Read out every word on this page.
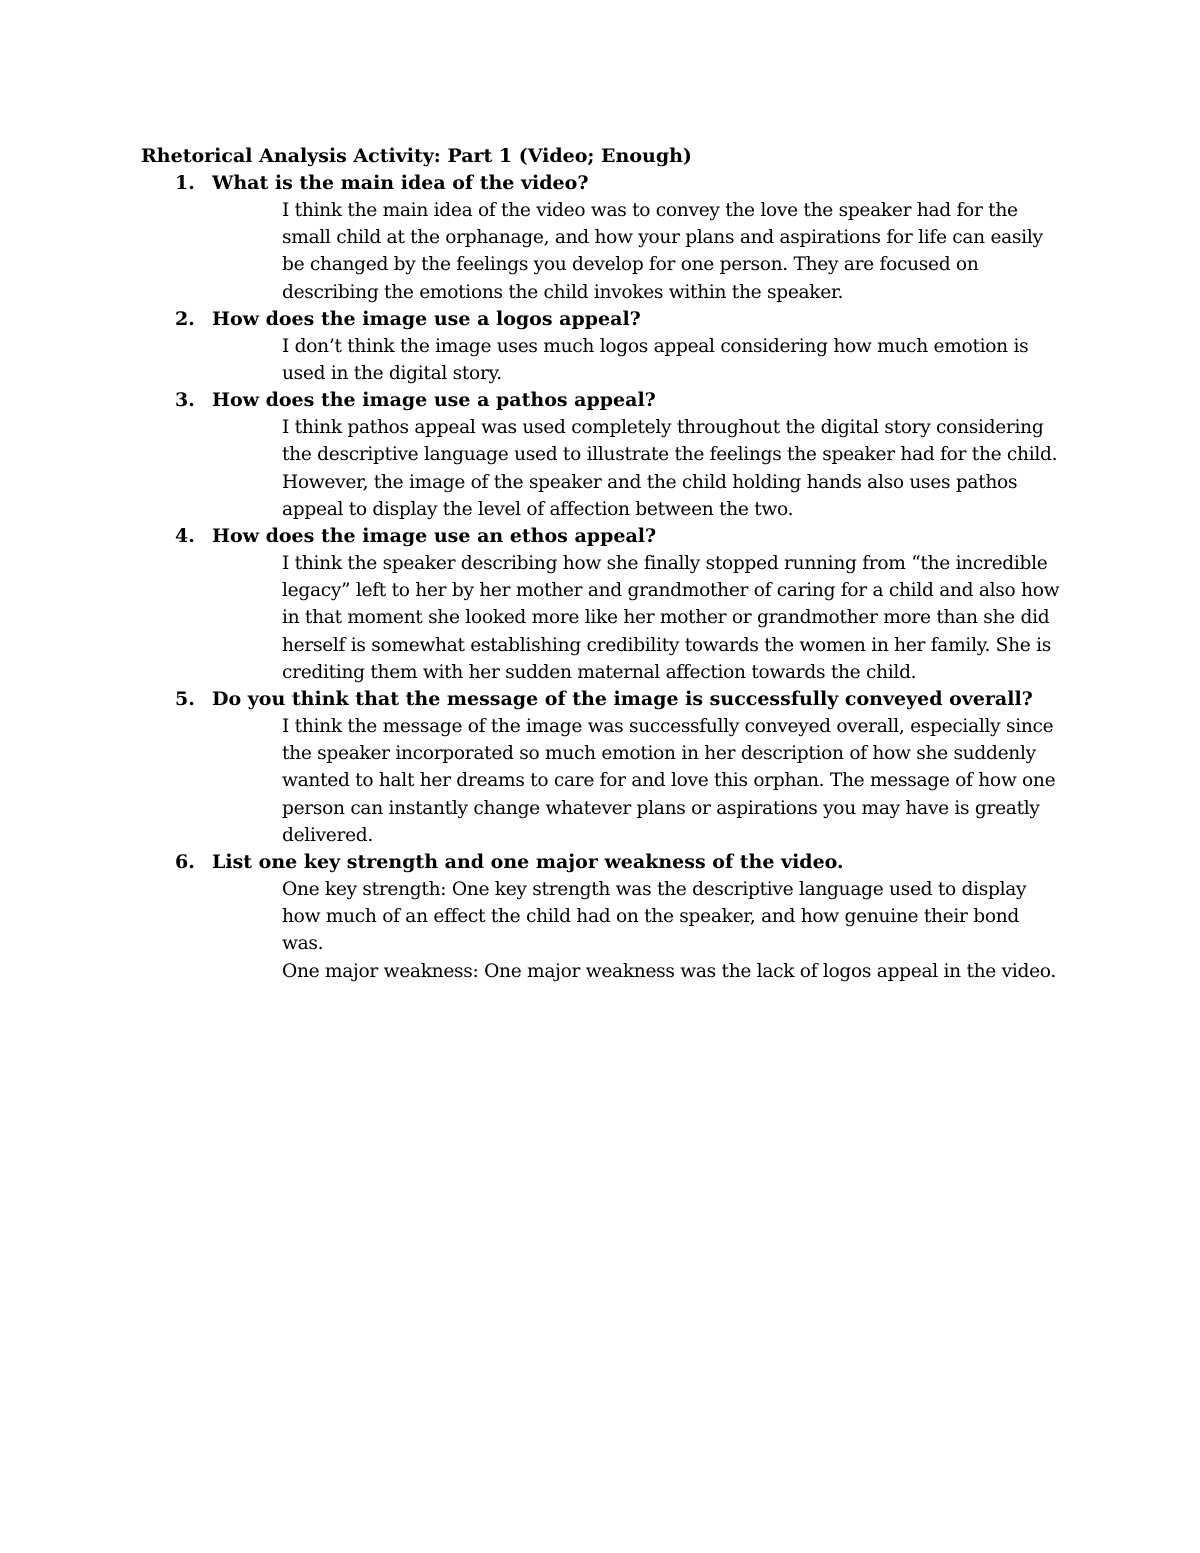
Rhetorical Analysis Activity: Part 1 (Video; Enough)
1. What is the main idea of the video?

I think the main idea of the video was to convey the love the speaker had for the small child at the orphanage, and how your plans and aspirations for life can easily be changed by the feelings you develop for one person. They are focused on describing the emotions the child invokes within the speaker.

2. How does the image use a logos appeal?

I don’t think the image uses much logos appeal considering how much emotion is used in the digital story.

3. How does the image use a pathos appeal?

I think pathos appeal was used completely throughout the digital story considering the descriptive language used to illustrate the feelings the speaker had for the child. However, the image of the speaker and the child holding hands also uses pathos appeal to display the level of affection between the two.

4. How does the image use an ethos appeal?

I think the speaker describing how she finally stopped running from “the incredible legacy” left to her by her mother and grandmother of caring for a child and also how in that moment she looked more like her mother or grandmother more than she did herself is somewhat establishing credibility towards the women in her family. She is crediting them with her sudden maternal affection towards the child.

5. Do you think that the message of the image is successfully conveyed overall?

I think the message of the image was successfully conveyed overall, especially since the speaker incorporated so much emotion in her description of how she suddenly wanted to halt her dreams to care for and love this orphan. The message of how one person can instantly change whatever plans or aspirations you may have is greatly delivered.

6. List one key strength and one major weakness of the video.

One key strength: One key strength was the descriptive language used to display how much of an effect the child had on the speaker, and how genuine their bond was.

One major weakness: One major weakness was the lack of logos appeal in the video.
